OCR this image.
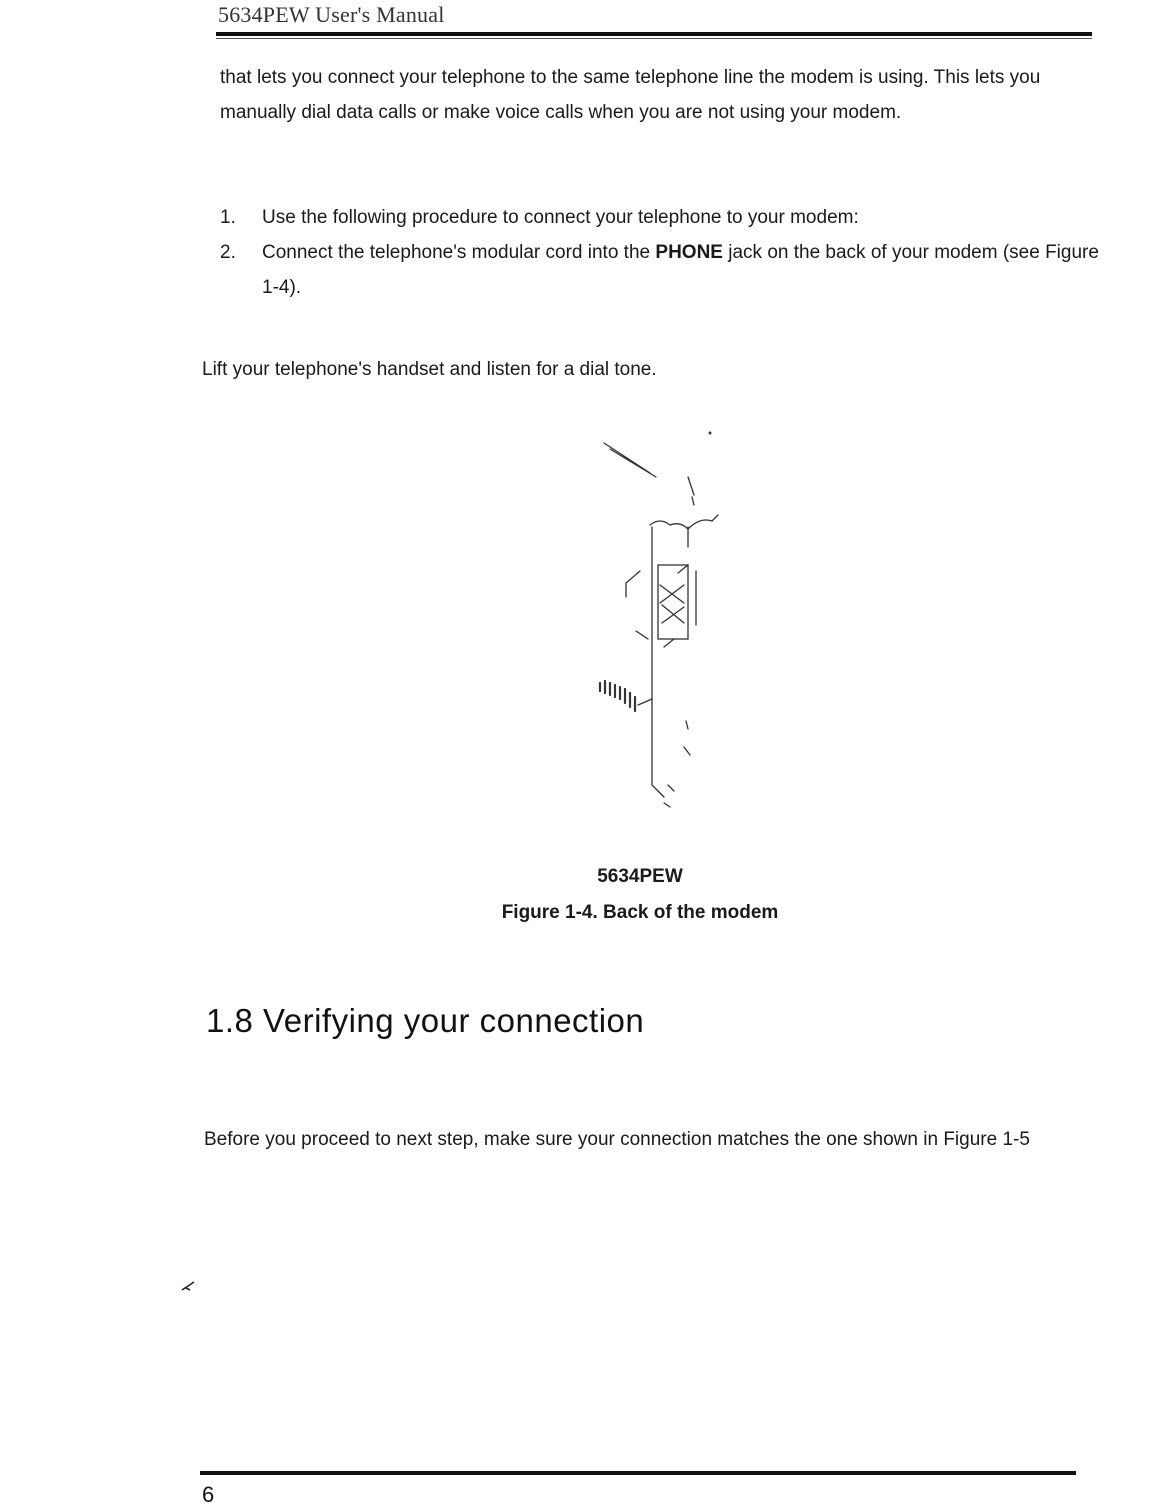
5634PEW User's Manual

that lets you connect your telephone to the same telephone line the modem is using. This lets you manually dial data calls or make voice calls when you are not using your modem.

1. Use the following procedure to connect your telephone to your modem:
2. Connect the telephone's modular cord into the PHONE jack on the back of your modem (see Figure 1-4).

Lift your telephone's handset and listen for a dial tone.

5634PEW
Figure 1-4. Back of the modem
1.8 Verifying your connection

Before you proceed to next step, make sure your connection matches the one shown in Figure 1-5

6
